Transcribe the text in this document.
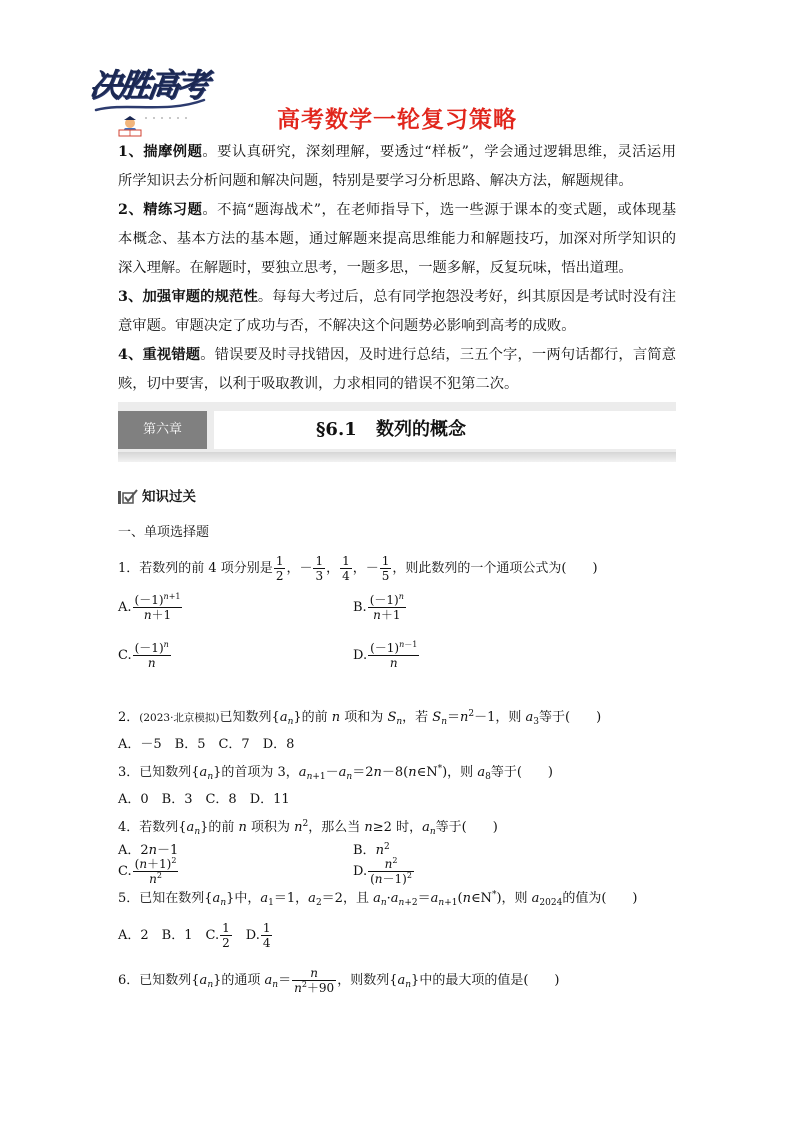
决胜高考
高考数学一轮复习策略
1、揣摩例题。要认真研究，深刻理解，要透过“样板”，学会通过逻辑思维，灵活运用
所学知识去分析问题和解决问题，特别是要学习分析思路、解决方法，解题规律。
2、精练习题。不搞“题海战术”，在老师指导下，选一些源于课本的变式题，或体现基
本概念、基本方法的基本题，通过解题来提高思维能力和解题技巧，加深对所学知识的
深入理解。在解题时，要独立思考，一题多思，一题多解，反复玩味，悟出道理。
3、加强审题的规范性。每每大考过后，总有同学抱怨没考好，纠其原因是考试时没有注
意审题。审题决定了成功与否，不解决这个问题势必影响到高考的成败。
4、重视错题。错误要及时寻找错因，及时进行总结，三五个字，一两句话都行，言简意
赅，切中要害，以利于吸取教训，力求相同的错误不犯第二次。
第六章	§6.1 数列的概念
知识过关
一、单项选择题
1．若数列的前 4 项分别是 $\frac{1}{2}$ ，－ $\frac{1}{3}$ ， $\frac{1}{4}$ ，－ $\frac{1}{5}$ ，则此数列的一个通项公式为(　　)
A. $\frac{(-1)^{n+1}}{n+1}$	B. $\frac{(-1)^n}{n+1}$
C. $\frac{(-1)^n}{n}$	D. $\frac{(-1)^{n-1}}{n}$
2．(2023·北京模拟)已知数列$\{a_n\}$的前 n 项和为 $S_n$，若 $S_n=n^2-1$，则 $a_3$等于(　　)
A．－5　B．5　C．7　D．8
3．已知数列$\{a_n\}$的首项为 3，$a_{n+1}-a_n=2n-8(n\in N^*)$，则 $a_8$等于(　　)
A．0　B．3　C．8　D．11
4．若数列$\{a_n\}$的前 n 项积为 $n^2$，那么当 n≥2 时，$a_n$等于(　　)
A．2n－1	B．$n^2$
C. $\frac{(n+1)^2}{n^2}$	D. $\frac{n^2}{(n-1)^2}$
5．已知在数列$\{a_n\}$中，$a_1=1$，$a_2=2$，且 $a_n\cdot a_{n+2}=a_{n+1}(n\in N^*)$，则 $a_{2024}$的值为(　　)
A．2　B．1　C. $\frac{1}{2}$ 　D. $\frac{1}{4}$
6．已知数列$\{a_n\}$的通项 $a_n= \frac{n}{n^2+90}$ ，则数列$\{a_n\}$中的最大项的值是(　　)
